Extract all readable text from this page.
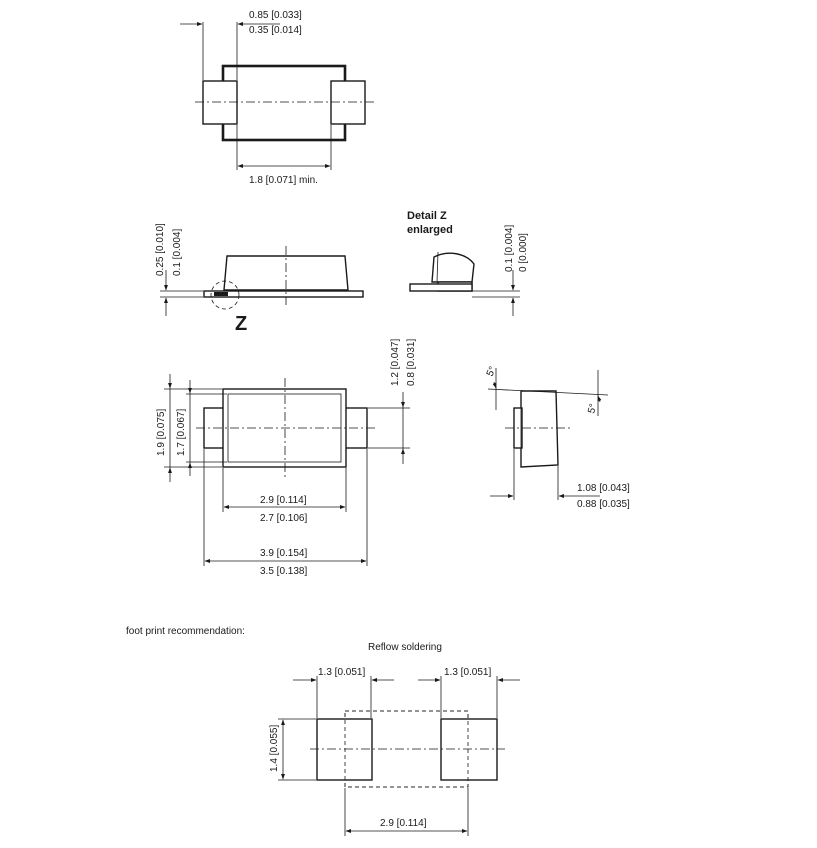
0.85 [0.033]
0.35 [0.014]
1.8 [0.071] min.
Z
0.25 [0.010] 0.1 [0.004]
Detail Z
enlarged	0.1 [0.004] 0 [0.000]
1.9 [0.075] 1.7 [0.067]
1.2 [0.047] 0.8 [0.031]
2.9 [0.114]
2.7 [0.106]
3.9 [0.154]
3.5 [0.138]
5°
5°
1.08 [0.043]
0.88 [0.035]
foot print recommendation:
Reflow soldering
1.3 [0.051]	1.3 [0.051]
1.4 [0.055]
2.9 [0.114]
